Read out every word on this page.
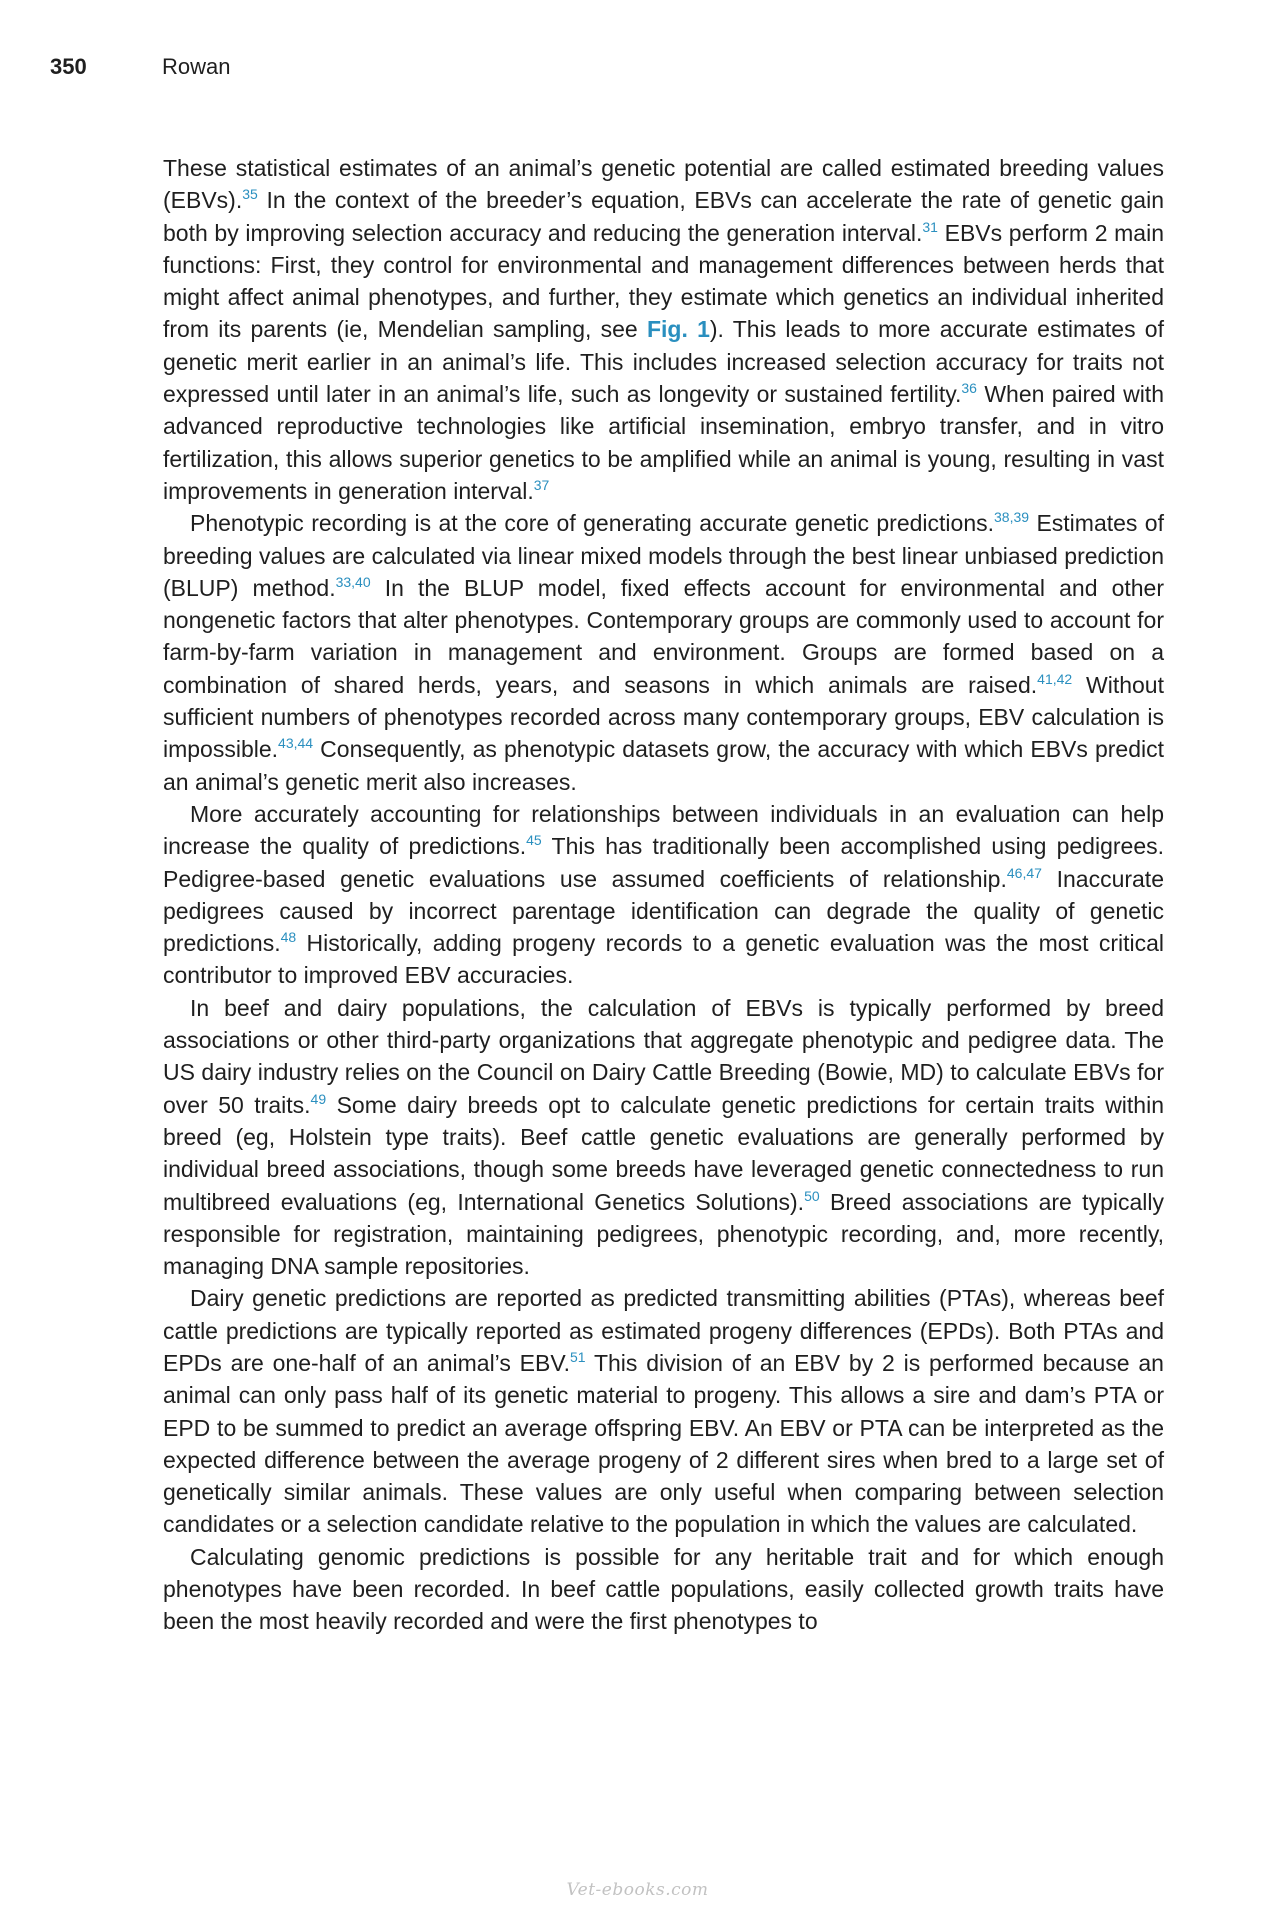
350	Rowan

These statistical estimates of an animal’s genetic potential are called estimated breeding values (EBVs).$^{35}$ In the context of the breeder’s equation, EBVs can accelerate the rate of genetic gain both by improving selection accuracy and reducing the generation interval.$^{31}$ EBVs perform 2 main functions: First, they control for environmental and management differences between herds that might affect animal phenotypes, and further, they estimate which genetics an individual inherited from its parents (ie, Mendelian sampling, see Fig. 1). This leads to more accurate estimates of genetic merit earlier in an animal’s life. This includes increased selection accuracy for traits not expressed until later in an animal’s life, such as longevity or sustained fertility.$^{36}$ When paired with advanced reproductive technologies like artificial insemination, embryo transfer, and in vitro fertilization, this allows superior genetics to be amplified while an animal is young, resulting in vast improvements in generation interval.$^{37}$

Phenotypic recording is at the core of generating accurate genetic predictions.$^{38,39}$ Estimates of breeding values are calculated via linear mixed models through the best linear unbiased prediction (BLUP) method.$^{33,40}$ In the BLUP model, fixed effects account for environmental and other nongenetic factors that alter phenotypes. Contemporary groups are commonly used to account for farm-by-farm variation in management and environment. Groups are formed based on a combination of shared herds, years, and seasons in which animals are raised.$^{41,42}$ Without sufficient numbers of phenotypes recorded across many contemporary groups, EBV calculation is impossible.$^{43,44}$ Consequently, as phenotypic datasets grow, the accuracy with which EBVs predict an animal’s genetic merit also increases.

More accurately accounting for relationships between individuals in an evaluation can help increase the quality of predictions.$^{45}$ This has traditionally been accomplished using pedigrees. Pedigree-based genetic evaluations use assumed coefficients of relationship.$^{46,47}$ Inaccurate pedigrees caused by incorrect parentage identification can degrade the quality of genetic predictions.$^{48}$ Historically, adding progeny records to a genetic evaluation was the most critical contributor to improved EBV accuracies.

In beef and dairy populations, the calculation of EBVs is typically performed by breed associations or other third-party organizations that aggregate phenotypic and pedigree data. The US dairy industry relies on the Council on Dairy Cattle Breeding (Bowie, MD) to calculate EBVs for over 50 traits.$^{49}$ Some dairy breeds opt to calculate genetic predictions for certain traits within breed (eg, Holstein type traits). Beef cattle genetic evaluations are generally performed by individual breed associations, though some breeds have leveraged genetic connectedness to run multibreed evaluations (eg, International Genetics Solutions).$^{50}$ Breed associations are typically responsible for registration, maintaining pedigrees, phenotypic recording, and, more recently, managing DNA sample repositories.

Dairy genetic predictions are reported as predicted transmitting abilities (PTAs), whereas beef cattle predictions are typically reported as estimated progeny differences (EPDs). Both PTAs and EPDs are one-half of an animal’s EBV.$^{51}$ This division of an EBV by 2 is performed because an animal can only pass half of its genetic material to progeny. This allows a sire and dam’s PTA or EPD to be summed to predict an average offspring EBV. An EBV or PTA can be interpreted as the expected difference between the average progeny of 2 different sires when bred to a large set of genetically similar animals. These values are only useful when comparing between selection candidates or a selection candidate relative to the population in which the values are calculated.

Calculating genomic predictions is possible for any heritable trait and for which enough phenotypes have been recorded. In beef cattle populations, easily collected growth traits have been the most heavily recorded and were the first phenotypes to

Vet-ebooks.com
